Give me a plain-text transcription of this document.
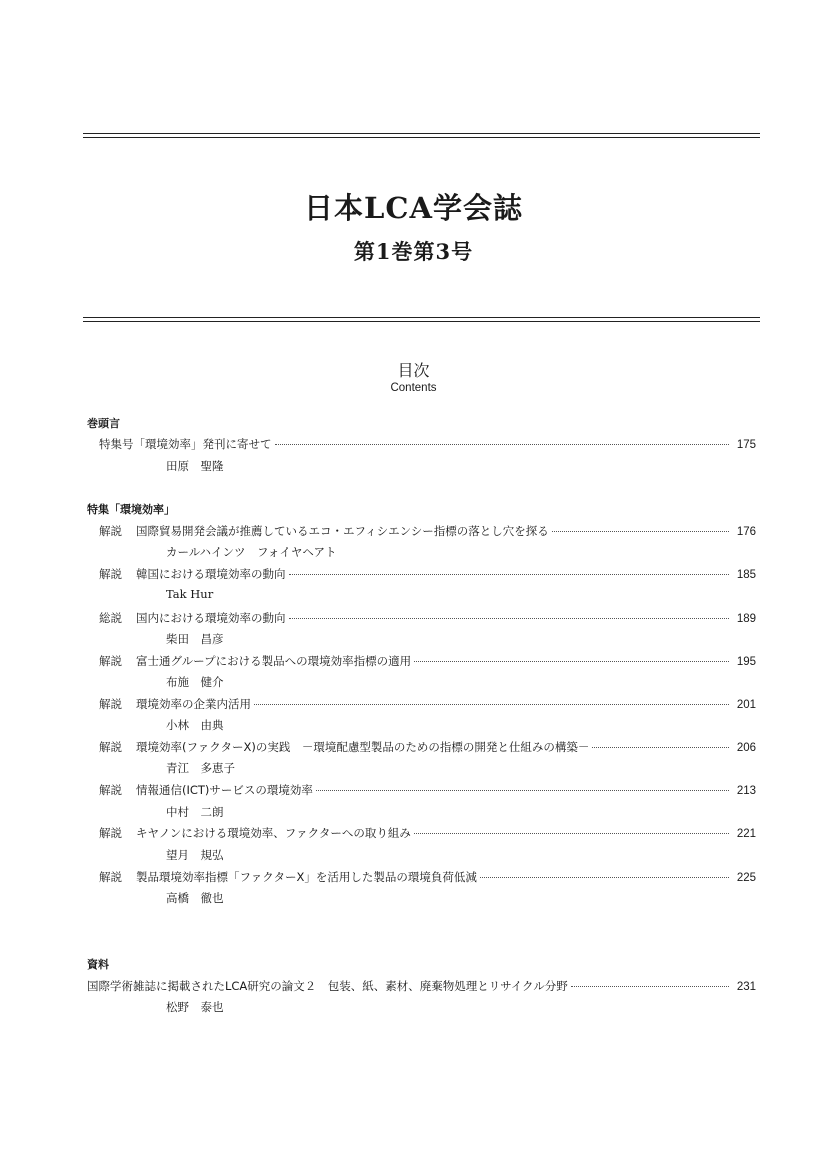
日本LCA学会誌
第1巻第3号
目次
Contents
巻頭言
特集号「環境効率」発刊に寄せて	175
田原　聖隆
特集「環境効率」
解説	国際貿易開発会議が推薦しているエコ・エフィシエンシー指標の落とし穴を探る	176
カールハインツ　フォイヤヘアト
解説	韓国における環境効率の動向	185
Tak Hur
総説	国内における環境効率の動向	189
柴田　昌彦
解説	富士通グループにおける製品への環境効率指標の適用	195
布施　健介
解説	環境効率の企業内活用	201
小林　由典
解説	環境効率(ファクターX)の実践　－環境配慮型製品のための指標の開発と仕組みの構築－	206
青江　多恵子
解説	情報通信(ICT)サービスの環境効率	213
中村　二朗
解説	キヤノンにおける環境効率、ファクターへの取り組み	221
望月　規弘
解説	製品環境効率指標「ファクターX」を活用した製品の環境負荷低減	225
高橋　徹也
資料
国際学術雑誌に掲載されたLCA研究の論文２　包装、紙、素材、廃棄物処理とリサイクル分野	231
松野　泰也
